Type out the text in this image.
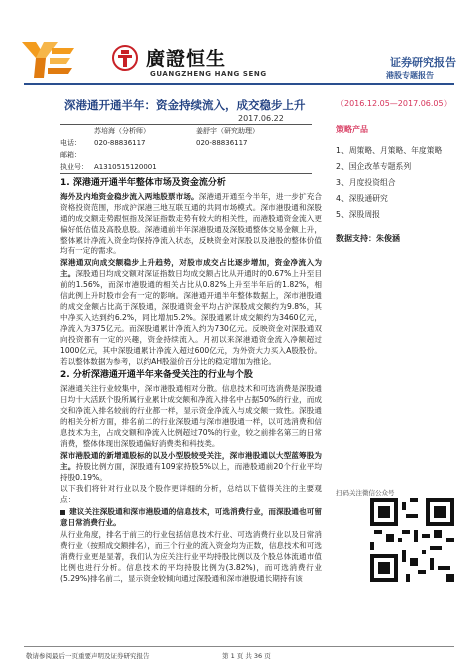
廣證恒生
GUANGZHENG HANG SENG
证券研究报告
港股专题报告
深港通开通半年：资金持续流入，成交稳步上升	（2016.12.05—2017.06.05）
2017.06.22
苏培海（分析师）	姜舒宇（研究助理）
电话：	020-88836117	020-88836117
邮箱：
执业号： A1310515120001
1. 深港通开通半年整体市场及资金流分析
海外及内地资金稳步流入两地股票市场。深港通开通至今半年，进一步扩充合资格投资范围，形成沪深港三地互联互通的共同市场模式。深市港股通和深股通的成交额走势跟恒指及深证指数走势有较大的相关性，而港股通资金流入更偏好低估值及高股息股。深港通前半年深港股通及深股通整体交易金额上升，整体累计净流入资金均保持净流入状态，反映资金对深股以及港股的整体价值均有一定的需求。
深港通双向成交额稳步上升趋势，对股市成交占比逐步增加，资金净流入为主。深股通日均成交额对深证指数日均成交额占比从开通时的0.67%上升至目前的1.56%，而深市港股通的相关占比从0.82%上升至半年后的1.82%，相信此例上升时股市会有一定的影响。深港通开通半年整体数据上，深市港股通的成交金额占比高于深股通，深股通资金平均占沪深股成交额约为9.8%，其中净买入达到约6.2%，同比增加5.2%。深股通累计成交额约为3460亿元，净流入为375亿元。而深股通累计净流入约为730亿元。反映资金对深股通双向投资都有一定的兴趣，资金持续流入。月初以来深港通资金流入净额超过1000亿元，其中深股通累计净流入超过600亿元，为外资大力买入A股股份。若以整体数据为参考，以约AH股溢价百分比的稳定增加为推论。
2. 分析深港通开通半年来备受关注的行业与个股
深港通关注行业较集中，深市港股通相对分散。信息技术和可选消费是深股通日均十大活跃个股所属行业累计成交额和净流入排名中占据50%的行业，而成交和净流入排名较前的行业都一样，显示资金净流入与成交额一致性。深股通的相关分析方面，排名前二的行业深股通与深市港股通一样，以可选消费和信息技术为主，占成交额和净流入比例超过70%的行业，较之前排名第三的日常消费，整体体现出深股通偏好消费类和科技类。
深市港股通的新增通股标的以及小型股较受关注，深市港股通以大型蓝筹股为主。持股比例方面，深股通有109家持股5%以上，而港股通前20个行业平均持股0.19%。
以下我们将针对行业以及个股作更详细的分析，总结以下值得关注的主要观点：
建议关注深股通和深市港股通的信息技术，可选消费行业，而深股通也可留意日常消费行业。
从行业角度，排名于前三的行业包括信息技术行业、可选消费行业以及日常消费行业（按照成交额排名），而三个行业的流入资金均为正数，信息技术和可选消费行业更是显著，我们认为应关注行业平均持股比例以及个股总体流通市值比例也进行分析。信息技术的平均持股比例为(3.82%)，而可选消费行业 (5.29%)排名前二，显示资金较倾向通过深股通和深市港股通长期持有该
策略产品
1、周策略、月策略、年度策略
2、国企改革专题系列
3、月度投资组合
4、深股通研究
5、深股周报
数据支持：朱俊涵
扫码关注微信公众号
敬请参阅最后一页重要声明及证券研究报告	第 1 页 共 36 页
